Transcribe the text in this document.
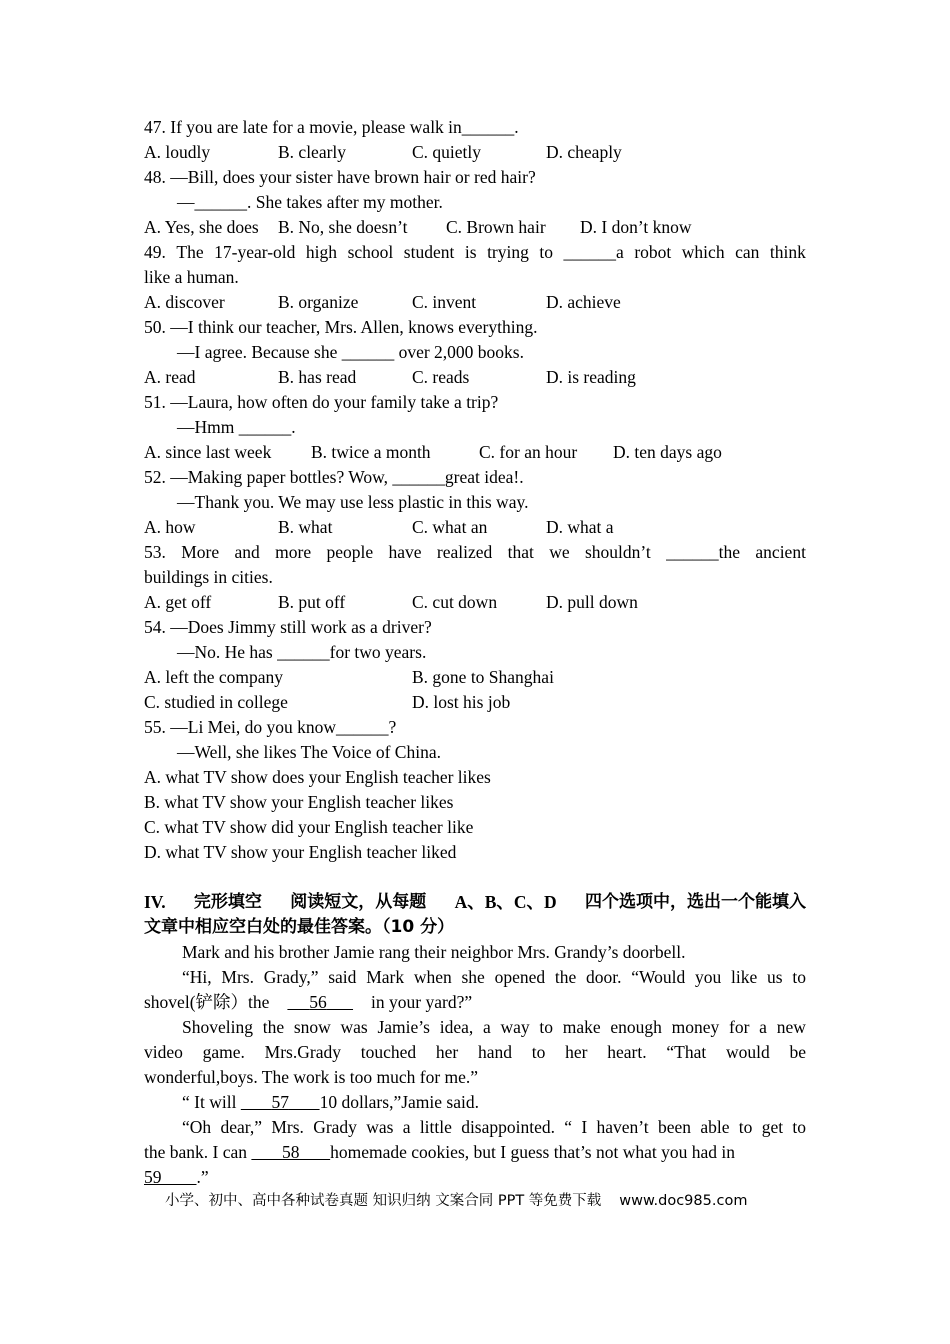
47. If you are late for a movie, please walk in______.
A. loudly	B. clearly	C. quietly	D. cheaply
48. —Bill, does your sister have brown hair or red hair?
—______. She takes after my mother.
A. Yes, she does B. No, she doesn’t C. Brown hair D. I don’t know
49. The 17-year-old high school student is trying to ______a robot which can think
like a human.
A. discover	B. organize	C. invent	D. achieve
50. —I think our teacher, Mrs. Allen, knows everything.
—I agree. Because she ______ over 2,000 books.
A. read	B. has read	C. reads	D. is reading
51. —Laura, how often do your family take a trip?
—Hmm ______.
A. since last week B. twice a month	C. for an hour D. ten days ago
52. —Making paper bottles? Wow, ______great idea!.
—Thank you. We may use less plastic in this way.
A. how	B. what	C. what an	D. what a
53. More and more people have realized that we shouldn’t ______the ancient
buildings in cities.
A. get off	B. put off	C. cut down	D. pull down
54. —Does Jimmy still work as a driver?
—No. He has ______for two years.
A. left the company	B. gone to Shanghai
C. studied in college	D. lost his job
55. —Li Mei, do you know______?
—Well, she likes The Voice of China.
A. what TV show does your English teacher likes
B. what TV show your English teacher likes
C. what TV show did your English teacher like
D. what TV show your English teacher liked
IV. 完形填空 阅读短文，从每题 A、B、C、D 四个选项中，选出一个能填入
文章中相应空白处的最佳答案。（10 分）
Mark and his brother Jamie rang their neighbor Mrs. Grandy’s doorbell.
“Hi, Mrs. Grady,” said Mark when she opened the door. “Would you like us to
shovel(铲除）the 56	in your yard?”
Shoveling the snow was Jamie’s idea, a way to make enough money for a new
video game. Mrs.Grady touched her hand to her heart. “That would be
wonderful,boys. The work is too much for me.”
“ It will        57 10 dollars,”Jamie said.
“Oh dear,” Mrs. Grady was a little disappointed. “ I haven’t been able to get to
the bank. I can        58 homemade cookies, but I guess that’s not what you had in
59 .”
小学、初中、高中各种试卷真题 知识归纳 文案合同 PPT 等免费下载 www.doc985.com
